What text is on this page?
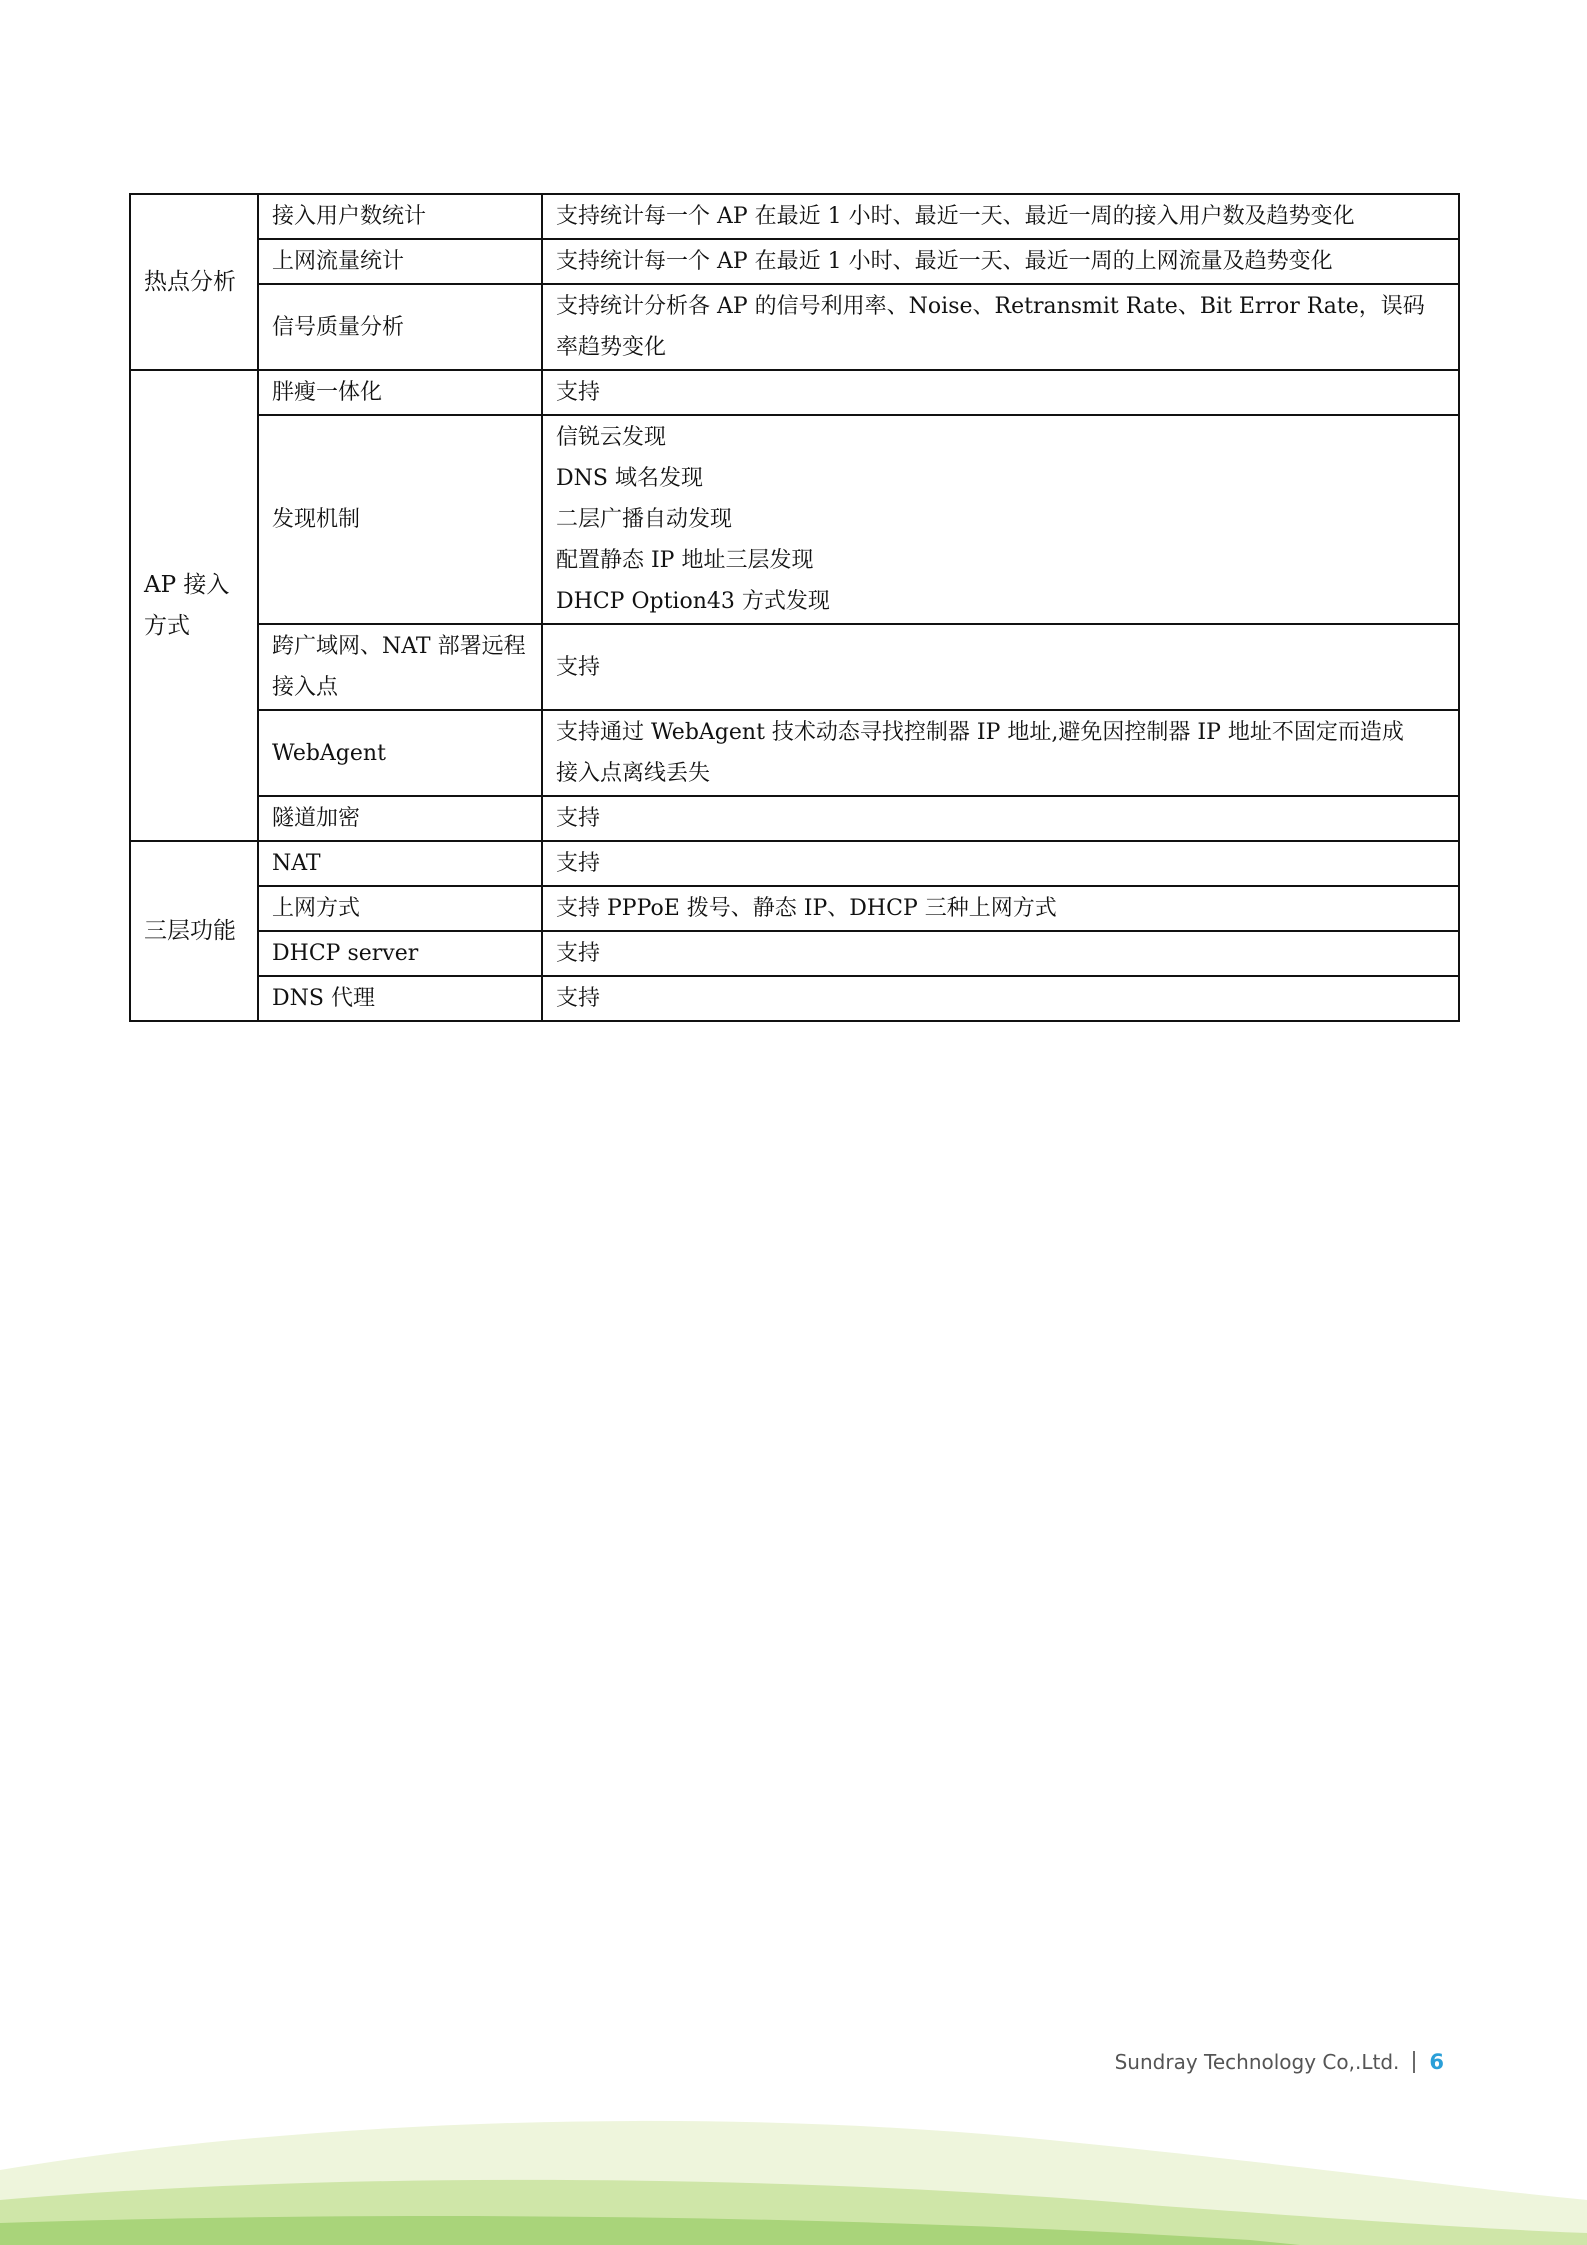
热点分析	接入用户数统计	支持统计每一个 AP 在最近 1 小时、最近一天、最近一周的接入用户数及趋势变化

	上网流量统计	支持统计每一个 AP 在最近 1 小时、最近一天、最近一周的上网流量及趋势变化

	信号质量分析	支持统计分析各 AP 的信号利用率、Noise、Retransmit Rate、Bit Error Rate，误码
率趋势变化

AP 接入
方式	胖瘦一体化	支持

	发现机制	信锐云发现
DNS 域名发现
二层广播自动发现
配置静态 IP 地址三层发现
DHCP Option43 方式发现

	跨广域网、NAT 部署远程
接入点	支持

	WebAgent	支持通过 WebAgent 技术动态寻找控制器 IP 地址,避免因控制器 IP 地址不固定而造成
接入点离线丢失

	隧道加密	支持

三层功能	NAT	支持

	上网方式	支持 PPPoE 拨号、静态 IP、DHCP 三种上网方式

	DHCP server	支持

	DNS 代理	支持
Sundray Technology Co,.Ltd. 6
